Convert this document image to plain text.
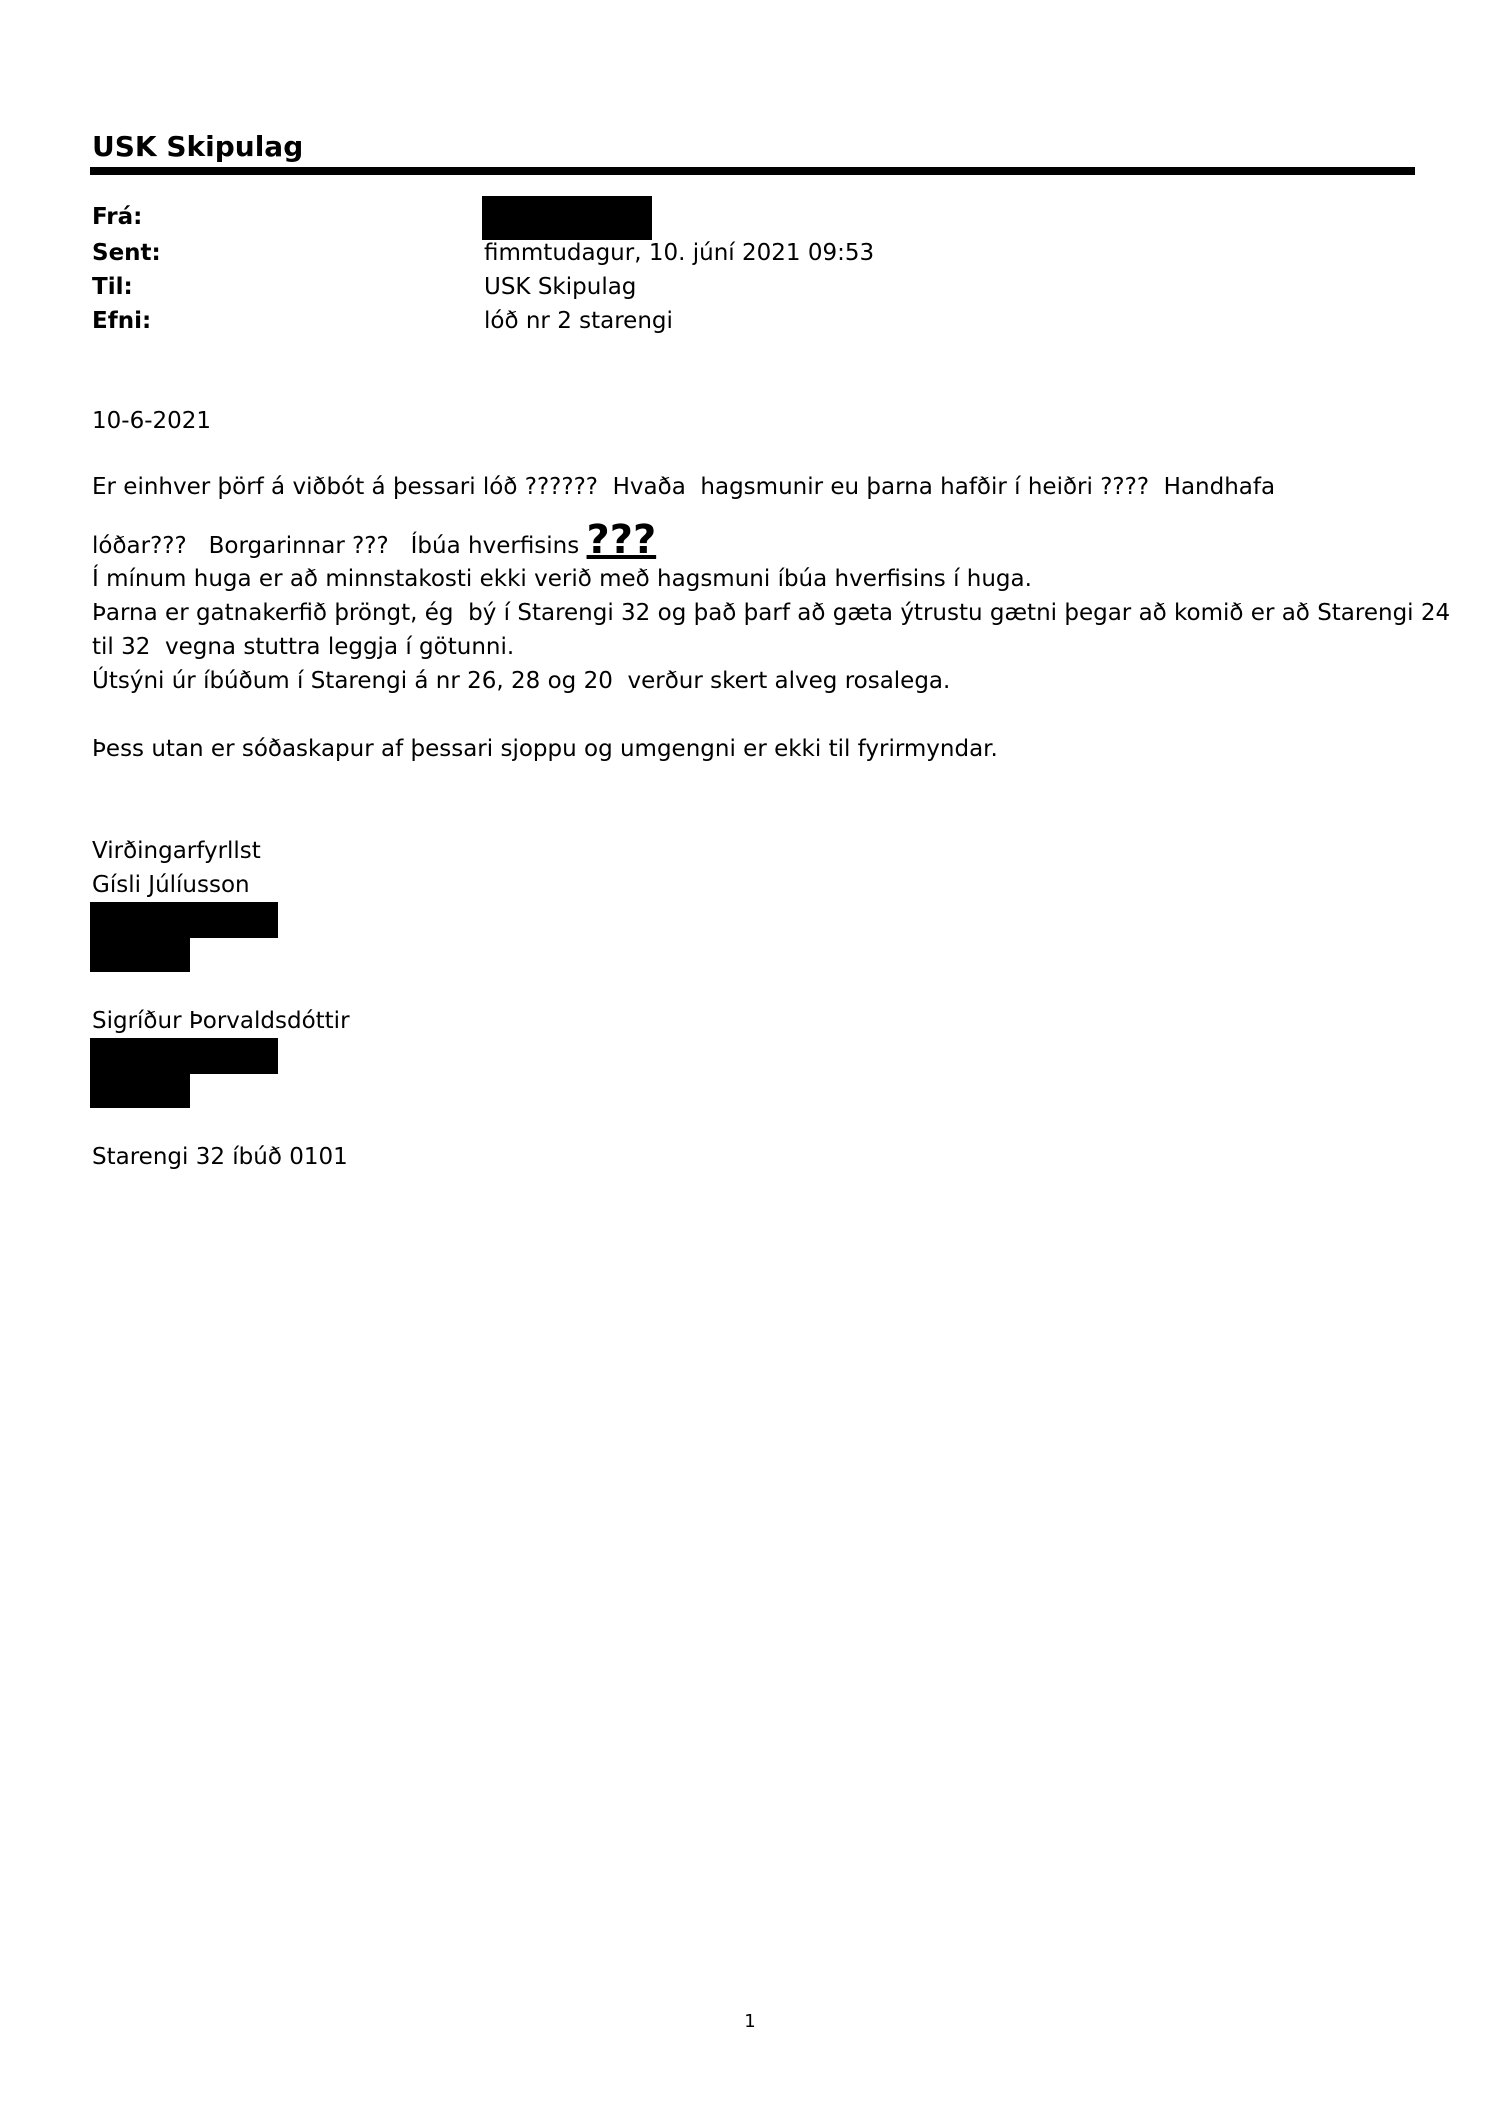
USK Skipulag
Frá:
Sent:	fimmtudagur, 10. júní 2021 09:53
Til:	USK Skipulag
Efni:	lóð nr 2 starengi
10-6-2021
Er einhver þörf á viðbót á þessari lóð ??????  Hvaða  hagsmunir eu þarna hafðir í heiðri ????  Handhafa
lóðar???   Borgarinnar ???   Íbúa hverfisins ???
Í mínum huga er að minnstakosti ekki verið með hagsmuni íbúa hverfisins í huga.
Þarna er gatnakerfið þröngt, ég  bý í Starengi 32 og það þarf að gæta ýtrustu gætni þegar að komið er að Starengi 24
til 32  vegna stuttra leggja í götunni.
Útsýni úr íbúðum í Starengi á nr 26, 28 og 20  verður skert alveg rosalega.
Þess utan er sóðaskapur af þessari sjoppu og umgengni er ekki til fyrirmyndar.
Virðingarfyrllst
Gísli Júlíusson
Sigríður Þorvaldsdóttir
Starengi 32 íbúð 0101
1
